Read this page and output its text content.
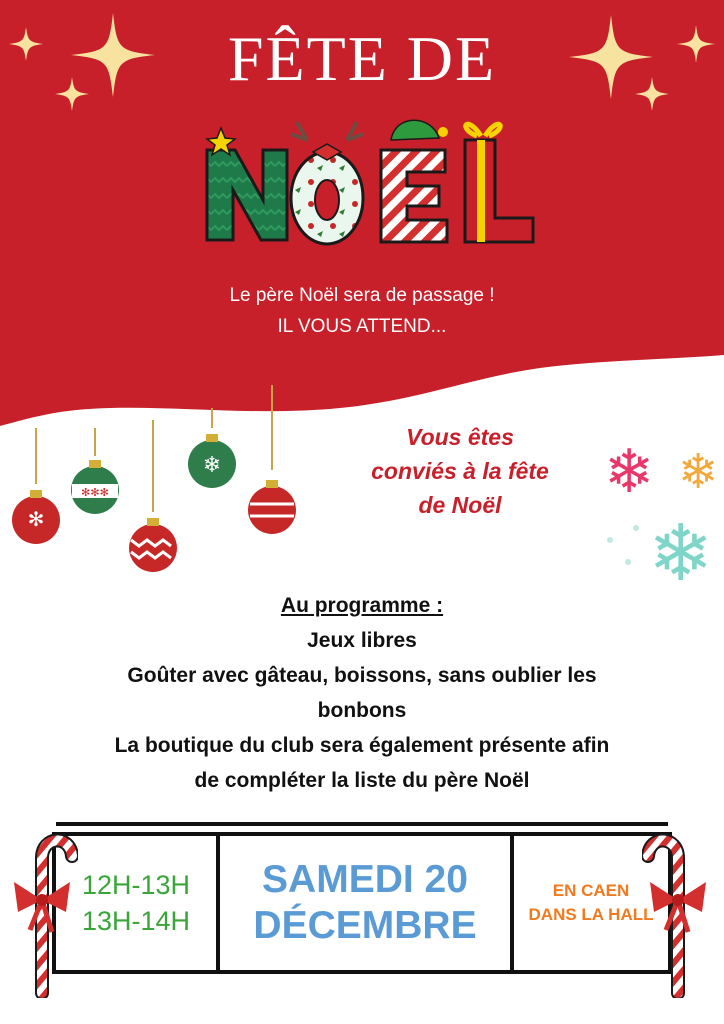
FÊTE DE
Le père Noël sera de passage !
IL VOUS ATTEND...
✻
✻✻✻
❄
Vous êtes
conviés à la fête
de Noël	❄ ❄
❄
Au programme :
Jeux libres
Goûter avec gâteau, boissons, sans oublier les
bonbons
La boutique du club sera également présente afin
de compléter la liste du père Noël
12H-13H
13H-14H
SAMEDI 20
DÉCEMBRE
EN CAEN
DANS LA HALL
